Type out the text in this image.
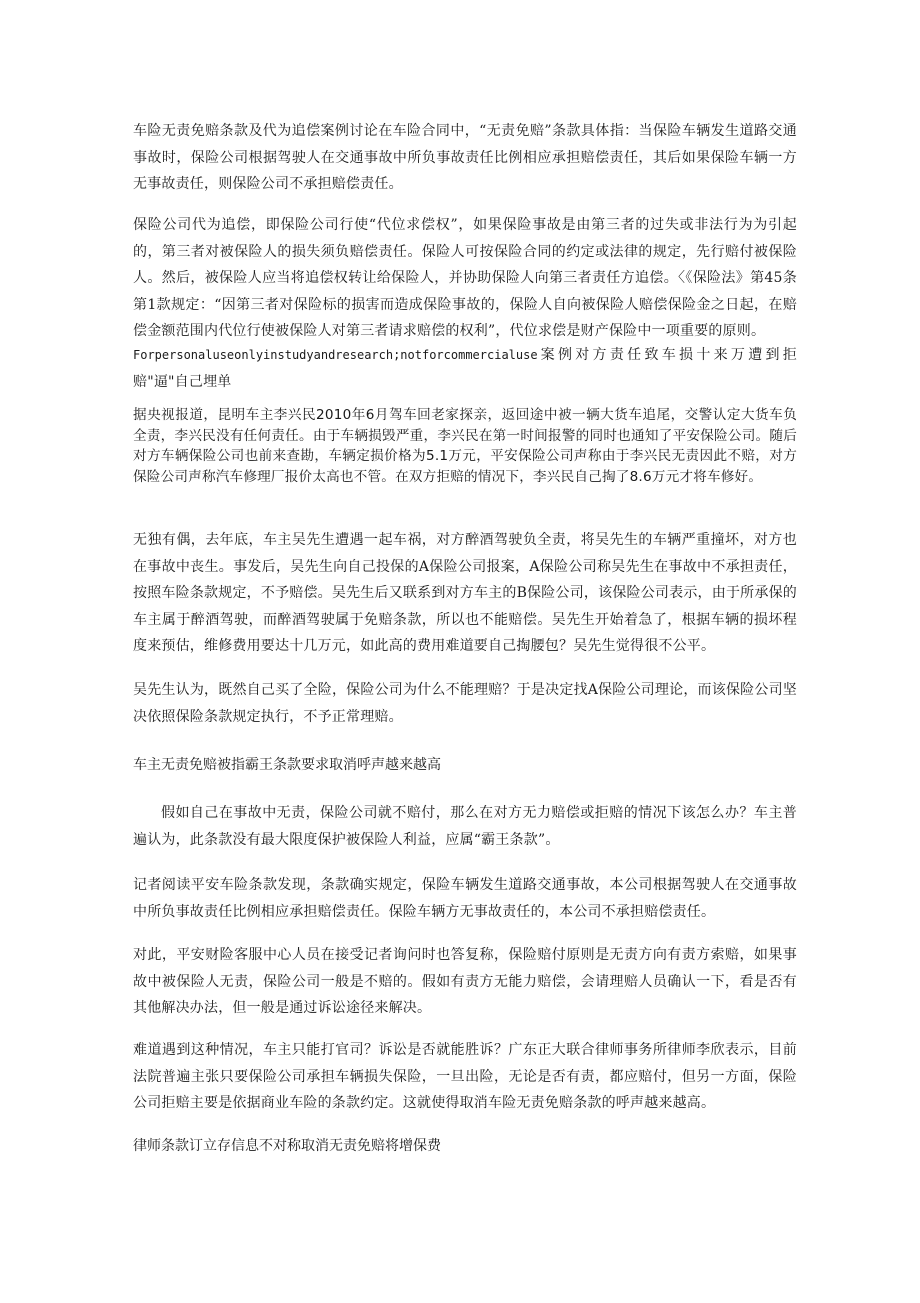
车险无责免赔条款及代为追偿案例讨论在车险合同中，“无责免赔”条款具体指：当保险车辆发生道路交通事故时，保险公司根据驾驶人在交通事故中所负事故责任比例相应承担赔偿责任，其后如果保险车辆一方无事故责任，则保险公司不承担赔偿责任。

保险公司代为追偿，即保险公司行使“代位求偿权”，如果保险事故是由第三者的过失或非法行为为引起的，第三者对被保险人的损失须负赔偿责任。保险人可按保险合同的约定或法律的规定，先行赔付被保险人。然后，被保险人应当将追偿权转让给保险人，并协助保险人向第三者责任方追偿。〈《保险法》第45条第1款规定：“因第三者对保险标的损害而造成保险事故的，保险人自向被保险人赔偿保险金之日起，在赔偿金额范围内代位行使被保险人对第三者请求赔偿的权利”，代位求偿是财产保险中一项重要的原则。

Forpersonaluseonlyinstudyandresearch;notforcommercialuse案例对方责任致车损十来万遭到拒赔"逼"自己埋单

据央视报道，昆明车主李兴民2010年6月驾车回老家探亲，返回途中被一辆大货车追尾，交警认定大货车负全责，李兴民没有任何责任。由于车辆损毁严重，李兴民在第一时间报警的同时也通知了平安保险公司。随后对方车辆保险公司也前来查勘，车辆定损价格为5.1万元，平安保险公司声称由于李兴民无责因此不赔，对方保险公司声称汽车修理厂报价太高也不管。在双方拒赔的情况下，李兴民自己掏了8.6万元才将车修好。

无独有偶，去年底，车主吴先生遭遇一起车祸，对方醉酒驾驶负全责，将吴先生的车辆严重撞坏，对方也在事故中丧生。事发后，吴先生向自己投保的A保险公司报案，A保险公司称吴先生在事故中不承担责任，按照车险条款规定，不予赔偿。吴先生后又联系到对方车主的B保险公司，该保险公司表示，由于所承保的车主属于醉酒驾驶，而醉酒驾驶属于免赔条款，所以也不能赔偿。吴先生开始着急了，根据车辆的损坏程度来预估，维修费用要达十几万元，如此高的费用难道要自己掏腰包？吴先生觉得很不公平。

吴先生认为，既然自己买了全险，保险公司为什么不能理赔？于是决定找A保险公司理论，而该保险公司坚决依照保险条款规定执行，不予正常理赔。

车主无责免赔被指霸王条款要求取消呼声越来越高

假如自己在事故中无责，保险公司就不赔付，那么在对方无力赔偿或拒赔的情况下该怎么办？车主普遍认为，此条款没有最大限度保护被保险人利益，应属“霸王条款”。

记者阅读平安车险条款发现，条款确实规定，保险车辆发生道路交通事故，本公司根据驾驶人在交通事故中所负事故责任比例相应承担赔偿责任。保险车辆方无事故责任的，本公司不承担赔偿责任。

对此，平安财险客服中心人员在接受记者询问时也答复称，保险赔付原则是无责方向有责方索赔，如果事故中被保险人无责，保险公司一般是不赔的。假如有责方无能力赔偿，会请理赔人员确认一下，看是否有其他解决办法，但一般是通过诉讼途径来解决。

难道遇到这种情况，车主只能打官司？诉讼是否就能胜诉？广东正大联合律师事务所律师李欣表示，目前法院普遍主张只要保险公司承担车辆损失保险，一旦出险，无论是否有责，都应赔付，但另一方面，保险公司拒赔主要是依据商业车险的条款约定。这就使得取消车险无责免赔条款的呼声越来越高。

律师条款订立存信息不对称取消无责免赔将增保费
